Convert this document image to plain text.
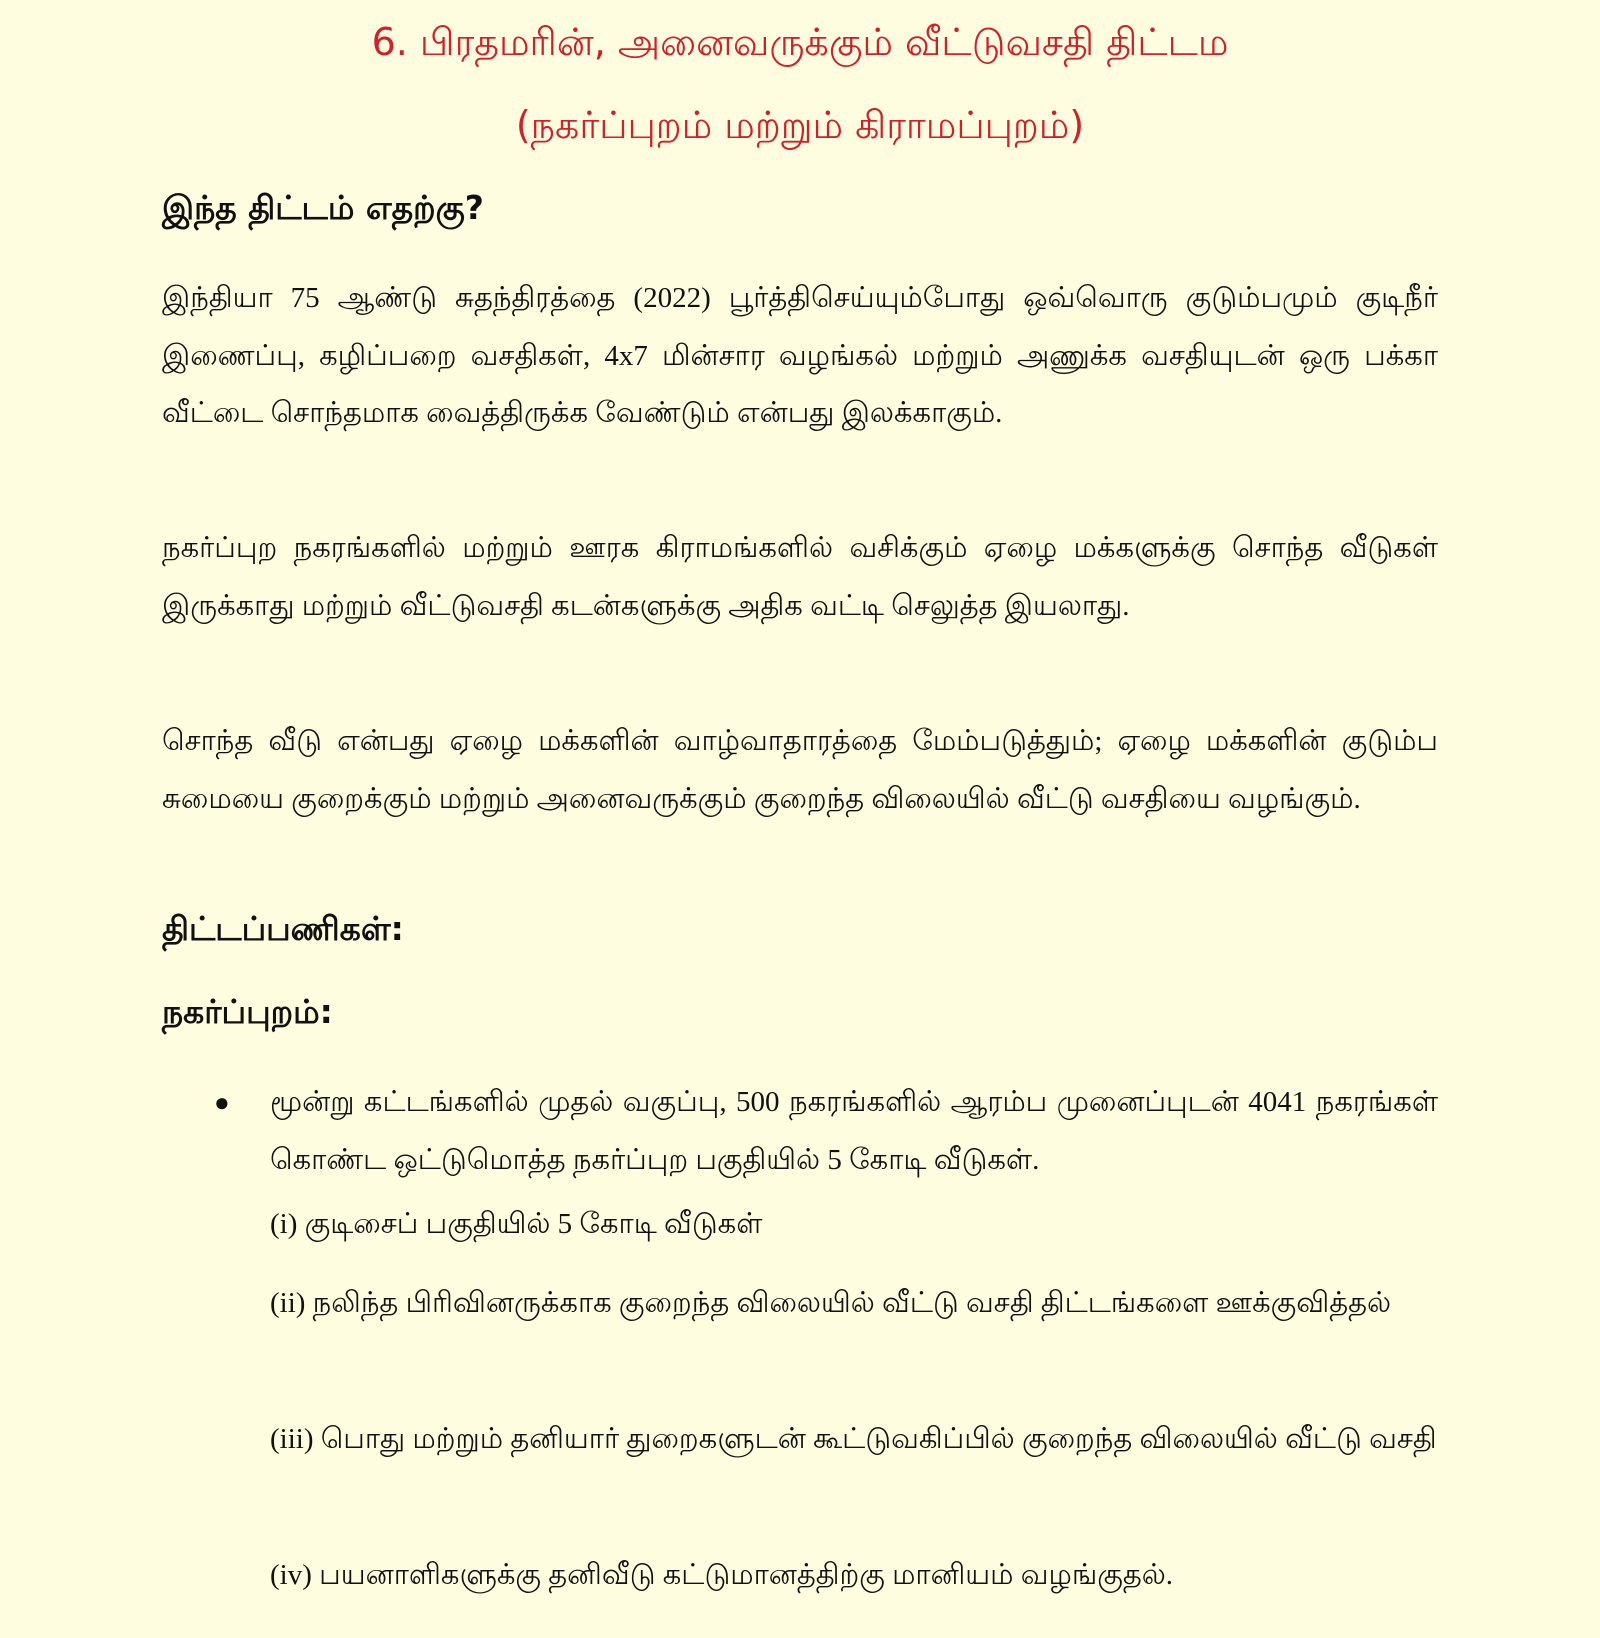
6. பிரதமரின், அனைவருக்கும் வீட்டுவசதி திட்டம
(நகர்ப்புறம் மற்றும் கிராமப்புறம்)
இந்த திட்டம் எதற்கு?

இந்தியா 75 ஆண்டு சுதந்திரத்தை (2022) பூர்த்திசெய்யும்போது ஒவ்வொரு குடும்பமும் குடிநீர் இணைப்பு, கழிப்பறை வசதிகள், 4x7 மின்சார வழங்கல் மற்றும் அணுக்க வசதியுடன் ஒரு பக்கா வீட்டை சொந்தமாக வைத்திருக்க வேண்டும் என்பது இலக்காகும்.

நகர்ப்புற நகரங்களில் மற்றும் ஊரக கிராமங்களில் வசிக்கும் ஏழை மக்களுக்கு சொந்த வீடுகள் இருக்காது மற்றும் வீட்டுவசதி கடன்களுக்கு அதிக வட்டி செலுத்த இயலாது.

சொந்த வீடு என்பது ஏழை மக்களின் வாழ்வாதாரத்தை மேம்படுத்தும்; ஏழை மக்களின் குடும்ப சுமையை குறைக்கும் மற்றும் அனைவருக்கும் குறைந்த விலையில் வீட்டு வசதியை வழங்கும்.

திட்டப்பணிகள்:
நகர்ப்புறம்:
● மூன்று கட்டங்களில் முதல் வகுப்பு, 500 நகரங்களில் ஆரம்ப முனைப்புடன் 4041 நகரங்கள் கொண்ட ஒட்டுமொத்த நகர்ப்புற பகுதியில் 5 கோடி வீடுகள்.

(i) குடிசைப் பகுதியில் 5 கோடி வீடுகள்

(ii) நலிந்த பிரிவினருக்காக குறைந்த விலையில் வீட்டு வசதி திட்டங்களை ஊக்குவித்தல்

(iii) பொது மற்றும் தனியார் துறைகளுடன் கூட்டுவகிப்பில் குறைந்த விலையில் வீட்டு வசதி

(iv) பயனாளிகளுக்கு தனிவீடு கட்டுமானத்திற்கு மானியம் வழங்குதல்.
